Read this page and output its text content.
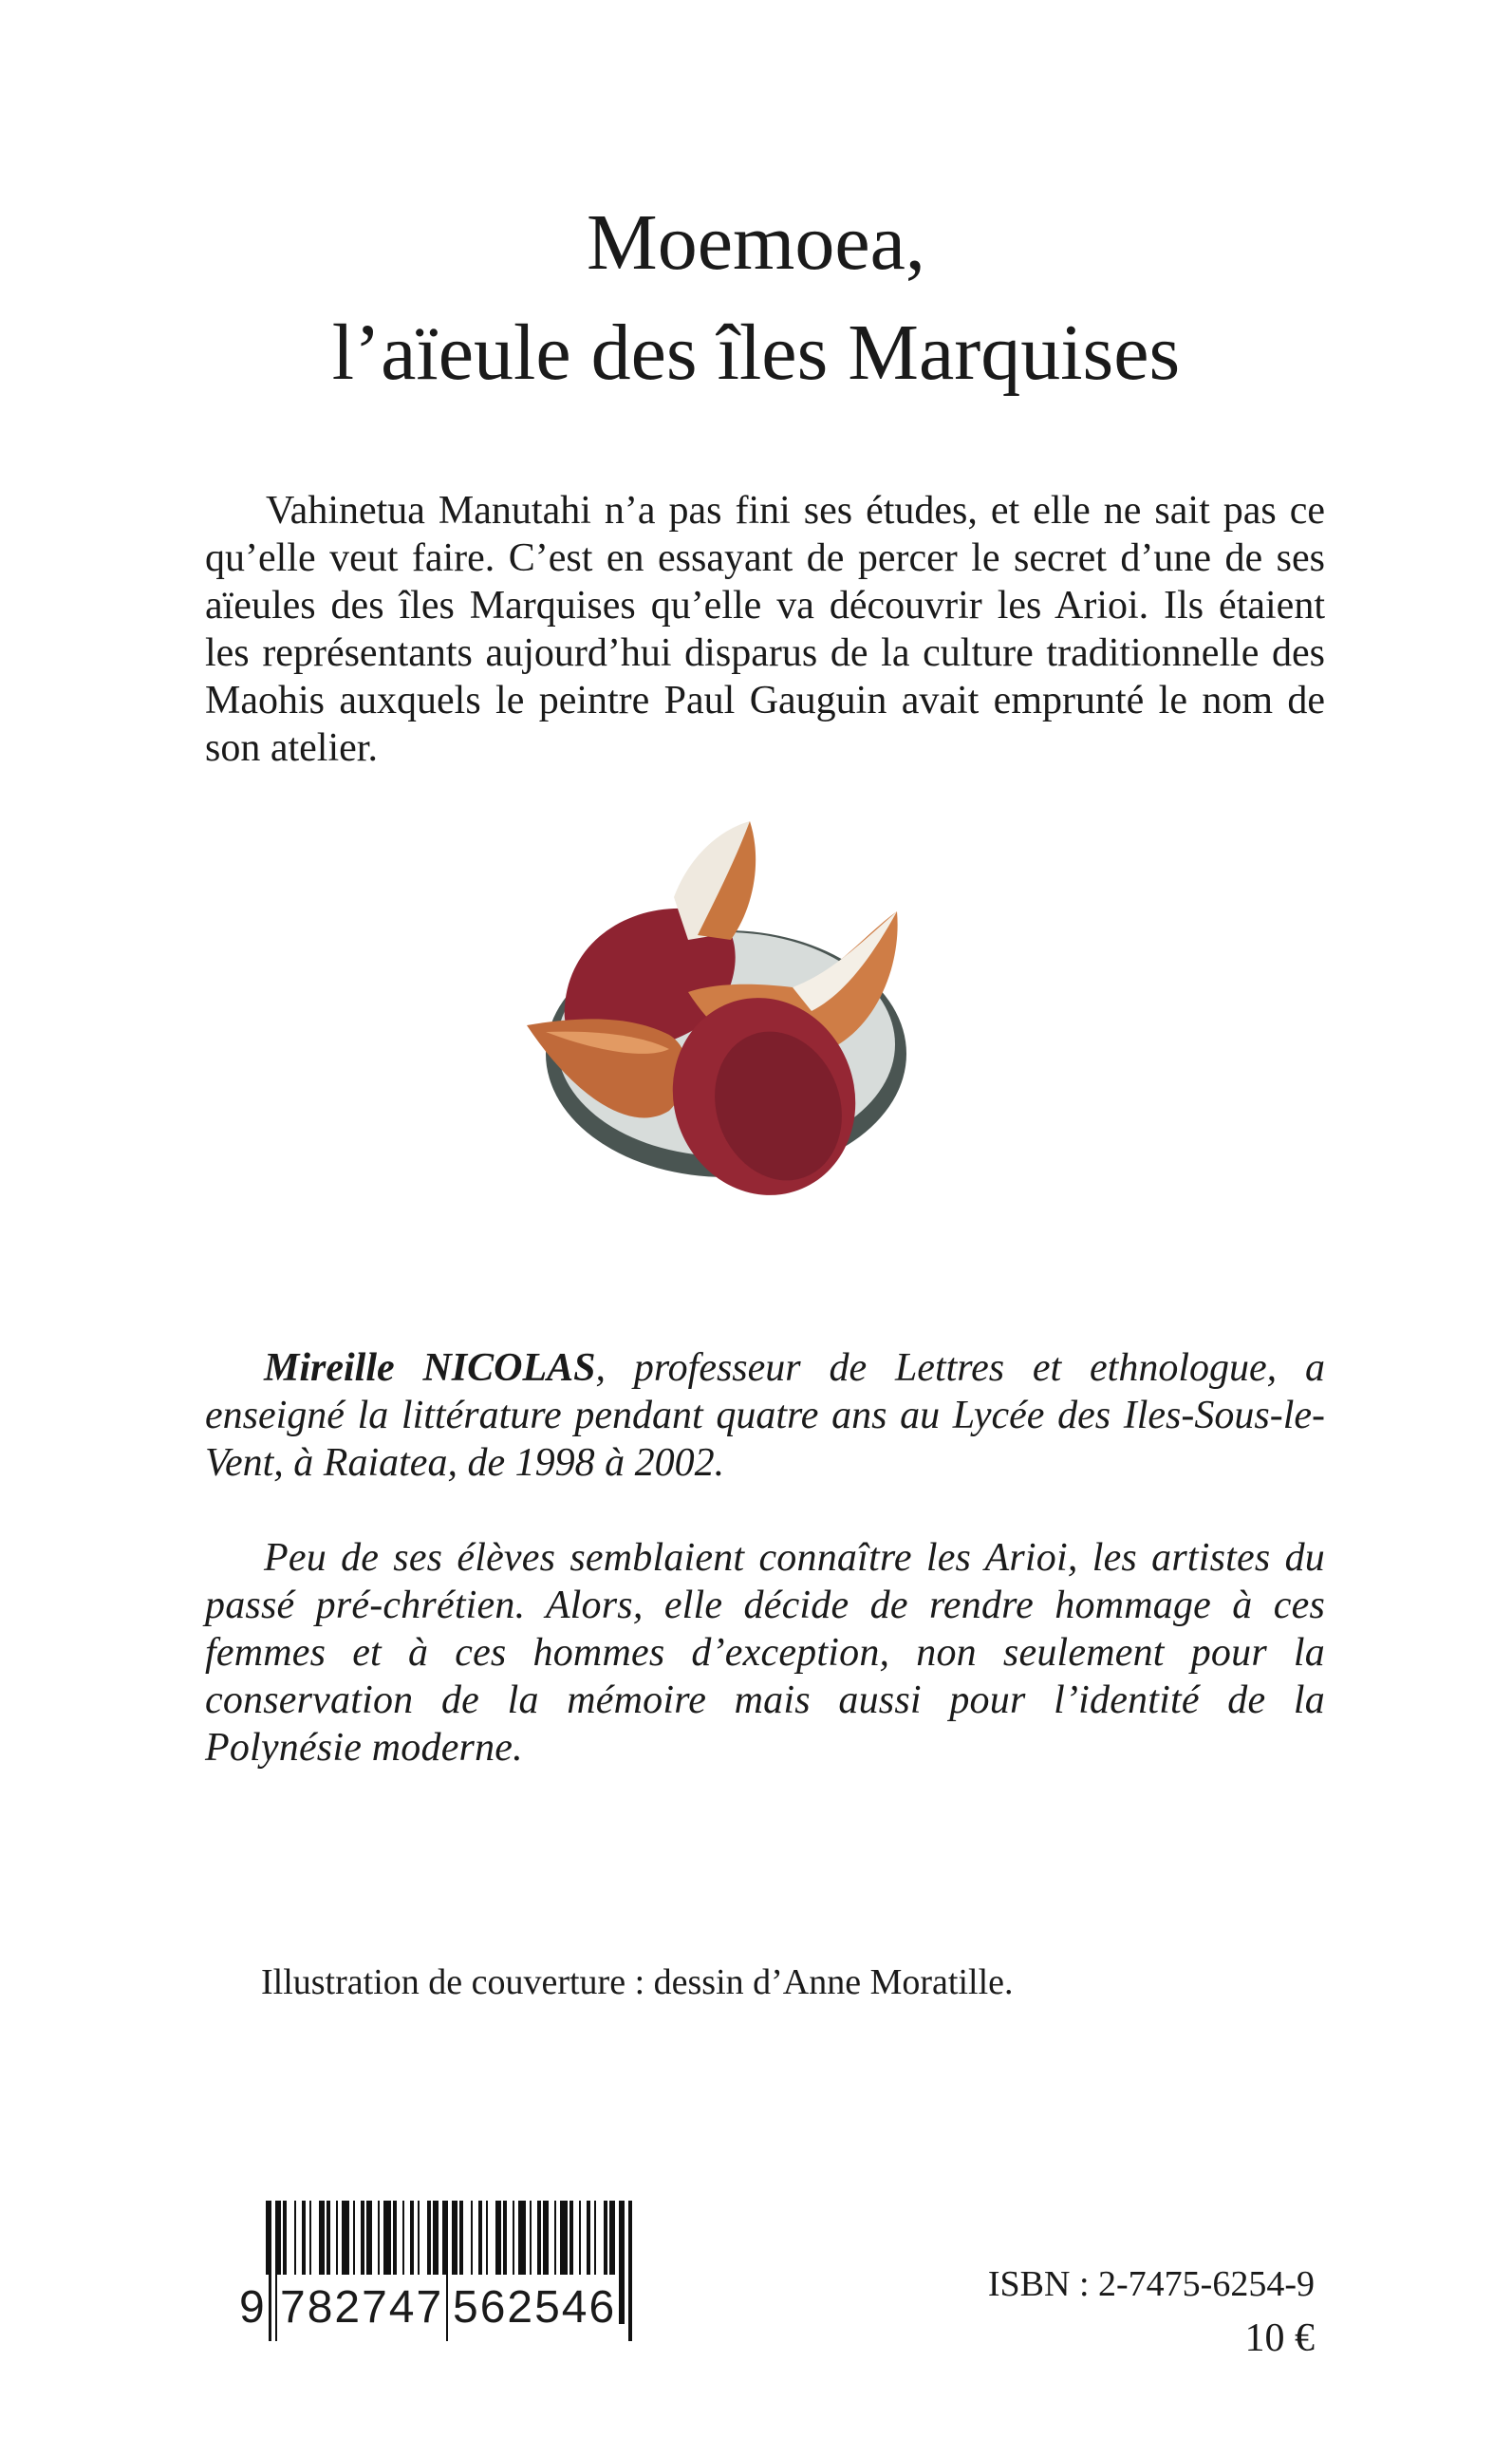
Moemoea,
l’aïeule des îles Marquises

Vahinetua Manutahi n’a pas fini ses études, et elle ne sait pas ce qu’elle veut faire. C’est en essayant de percer le secret d’une de ses aïeules des îles Marquises qu’elle va découvrir les Arioi. Ils étaient les représentants aujourd’hui disparus de la culture traditionnelle des Maohis auxquels le peintre Paul Gauguin avait emprunté le nom de son atelier.

Mireille NICOLAS, professeur de Lettres et ethnologue, a enseigné la littérature pendant quatre ans au Lycée des Iles-Sous-le-Vent, à Raiatea, de 1998 à 2002.

Peu de ses élèves semblaient connaître les Arioi, les artistes du passé pré-chrétien. Alors, elle décide de rendre hommage à ces femmes et à ces hommes d’exception, non seulement pour la conservation de la mémoire mais aussi pour l’identité de la Polynésie moderne.

Illustration de couverture : dessin d’Anne Moratille.

9 782747 562546	ISBN : 2-7475-6254-9

10 €
